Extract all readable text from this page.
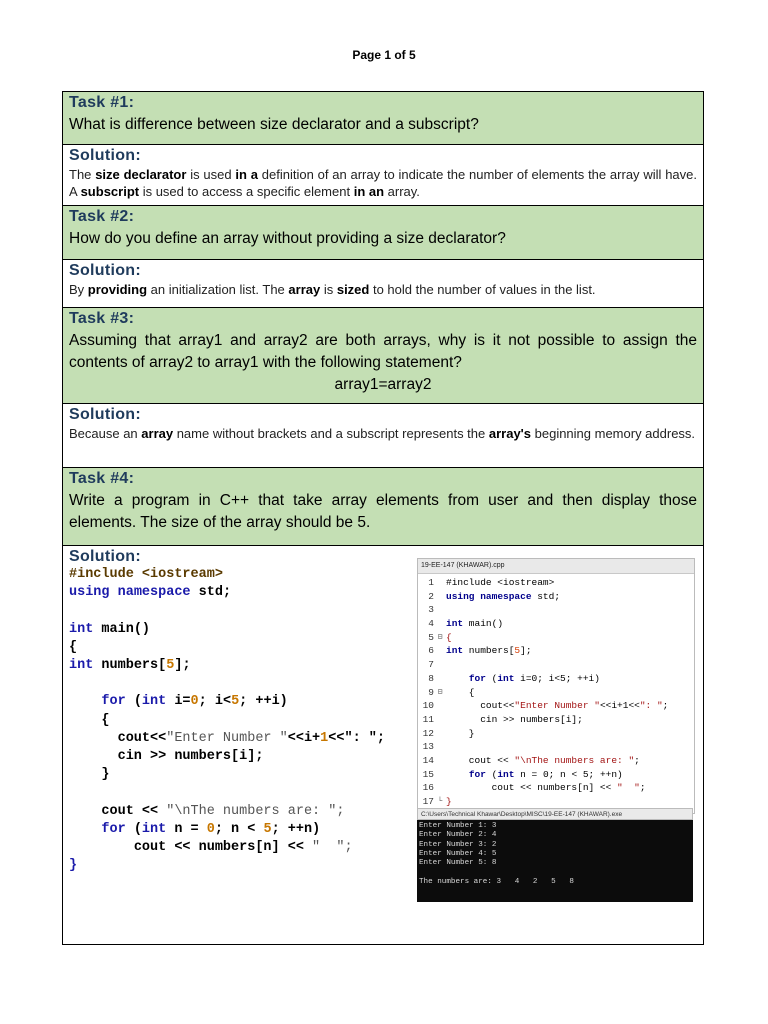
Page 1 of 5
Task #1:
What is difference between size declarator and a subscript?
Solution:
The size declarator is used in a definition of an array to indicate the number of elements the array will have. A subscript is used to access a specific element in an array.
Task #2:
How do you define an array without providing a size declarator?
Solution:
By providing an initialization list. The array is sized to hold the number of values in the list.
Task #3:
Assuming that array1 and array2 are both arrays, why is it not possible to assign the contents of array2 to array1 with the following statement?
array1=array2
Solution:
Because an array name without brackets and a subscript represents the array's beginning memory address.
Task #4:
Write a program in C++ that take array elements from user and then display those elements. The size of the array should be 5.
Solution:
#include <iostream>
using namespace std;

int main()
{
int numbers[5];

for (int i=0; i<5; ++i)
{
cout<<"Enter Number "<<i+1<<": ";
cin >> numbers[i];
}

cout << "\nThe numbers are: ";
for (int n = 0; n < 5; ++n)
cout << numbers[n] << "  ";
}
19-EE-147 (KHAWAR).cpp
1 #include <iostream>
2 using namespace std;
3
4 int main()
5 ⊟ {
6 int numbers[5];
7
8	for (int i=0; i<5; ++i)
9 ⊟ {
10 cout<<"Enter Number "<<i+1<<": ";
11 cin >> numbers[i];
12 }
13
14 cout << "\nThe numbers are: ";
15	for (int n = 0; n < 5; ++n)
16 cout << numbers[n] << "  ";
17 └ }
C:\Users\Technical Khawar\Desktop\MISC\19-EE-147 (KHAWAR).exe
Enter Number 1: 3
Enter Number 2: 4
Enter Number 3: 2
Enter Number 4: 5
Enter Number 5: 8

The numbers are: 3   4   2   5   8
